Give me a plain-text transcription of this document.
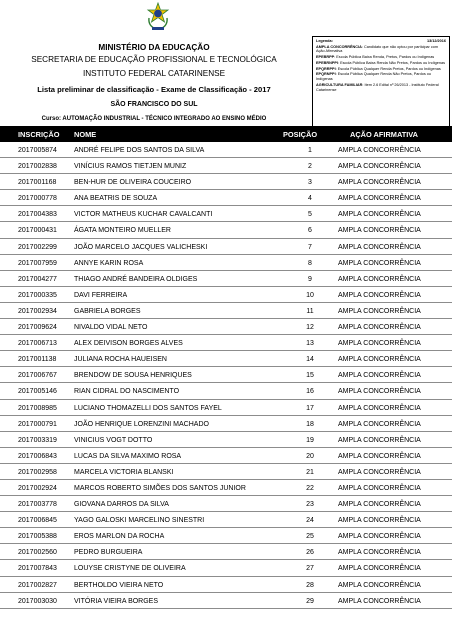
MINISTÉRIO DA EDUCAÇÃO
SECRETARIA DE EDUCAÇÃO PROFISSIONAL E TECNOLÓGICA
INSTITUTO FEDERAL CATARINENSE
Lista preliminar de classificação - Exame de Classificação - 2017
SÃO FRANCISCO DO SUL
Curso: AUTOMAÇÃO INDUSTRIAL - TÉCNICO INTEGRADO AO ENSINO MÉDIO
Legenda:	13/12/2016
AMPLA CONCORRÊNCIA: Candidato que não optou por participar com Ação Afirmativa
EPEBRPP: Escola Pública Baixa Renda, Pretos, Pardos ou Indígenas
EPEBRNPPI: Escola Pública Baixa Renda Não Pretos, Pardos ou Indígenas
EPQRRPPI: Escola Pública Qualquer Renda Pretos, Pardos ou Indígenas
EPQRNPPI: Escola Pública Qualquer Renda Não Pretos, Pardos ou Indígenas
AGRICULTURA FAMILIAR: Item 2.6 Edital nº 26/2013 - Instituto Federal Catarinense
INSCRIÇÃO NOME	POSIÇÃO	AÇÃO AFIRMATIVA
2017005874 ANDRÉ FELIPE DOS SANTOS DA SILVA	1	AMPLA CONCORRÊNCIA
2017002838 VINÍCIUS RAMOS TIETJEN MUNIZ	2	AMPLA CONCORRÊNCIA
2017001168	BEN-HUR DE OLIVEIRA COUCEIRO	3	AMPLA CONCORRÊNCIA
2017000778 ANA BEATRIS DE SOUZA	4	AMPLA CONCORRÊNCIA
2017004383 VICTOR MATHEUS KUCHAR CAVALCANTI	5	AMPLA CONCORRÊNCIA
2017000431 ÁGATA MONTEIRO MUELLER	6	AMPLA CONCORRÊNCIA
2017002299 JOÃO MARCELO JACQUES VALICHESKI	7	AMPLA CONCORRÊNCIA
2017007959 ANNYE KARIN ROSA	8	AMPLA CONCORRÊNCIA
2017004277 THIAGO ANDRÉ BANDEIRA OLDIGES	9	AMPLA CONCORRÊNCIA
2017000335 DAVI FERREIRA	10	AMPLA CONCORRÊNCIA
2017002934 GABRIELA BORGES	11	AMPLA CONCORRÊNCIA
2017009624 NIVALDO VIDAL NETO	12	AMPLA CONCORRÊNCIA
2017006713 ALEX DEIVISON BORGES ALVES	13	AMPLA CONCORRÊNCIA
2017001138	JULIANA ROCHA HAUEISEN	14	AMPLA CONCORRÊNCIA
2017006767 BRENDOW DE SOUSA HENRIQUES	15	AMPLA CONCORRÊNCIA
2017005146 RIAN CIDRAL DO NASCIMENTO	16	AMPLA CONCORRÊNCIA
2017008985 LUCIANO THOMAZELLI DOS SANTOS FAYEL	17	AMPLA CONCORRÊNCIA
2017000791 JOÃO HENRIQUE LORENZINI MACHADO	18	AMPLA CONCORRÊNCIA
2017003319 VINICIUS VOGT DOTTO	19	AMPLA CONCORRÊNCIA
2017006843 LUCAS DA SILVA MAXIMO ROSA	20	AMPLA CONCORRÊNCIA
2017002958 MARCELA VICTORIA BLANSKI	21	AMPLA CONCORRÊNCIA
2017002924 MARCOS ROBERTO SIMÕES DOS SANTOS JUNIOR	22	AMPLA CONCORRÊNCIA
2017003778 GIOVANA DARROS DA SILVA	23	AMPLA CONCORRÊNCIA
2017006845 YAGO GALOSKI MARCELINO SINESTRI	24	AMPLA CONCORRÊNCIA
2017005388 EROS MARLON DA ROCHA	25	AMPLA CONCORRÊNCIA
2017002560 PEDRO BURGUEIRA	26	AMPLA CONCORRÊNCIA
2017007843 LOUYSE CRISTYNE DE OLIVEIRA	27	AMPLA CONCORRÊNCIA
2017002827 BERTHOLDO VIEIRA NETO	28	AMPLA CONCORRÊNCIA
2017003030 VITÓRIA VIEIRA BORGES	29	AMPLA CONCORRÊNCIA
